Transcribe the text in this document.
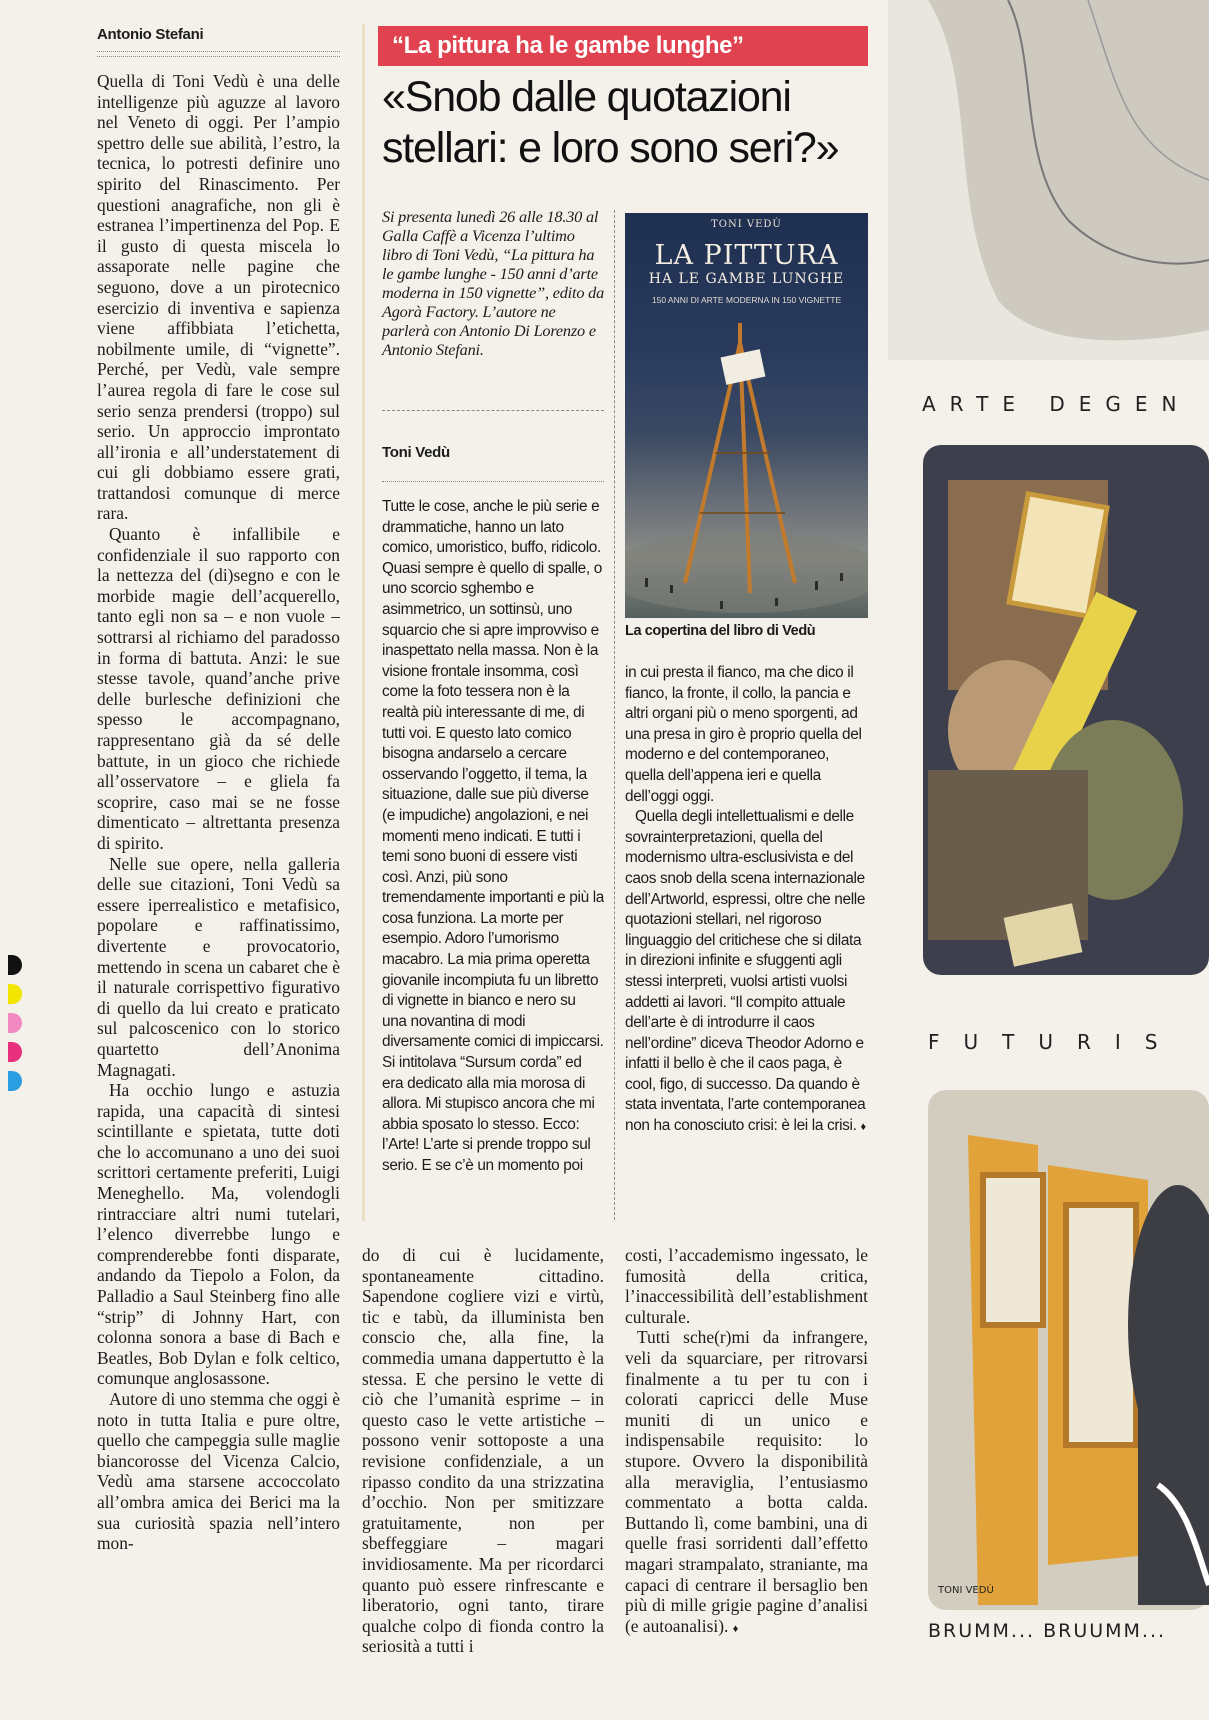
Antonio Stefani

Quella di Toni Vedù è una delle intelligenze più aguzze al lavoro nel Veneto di oggi. Per l’ampio spettro delle sue abilità, l’estro, la tecnica, lo potresti definire uno spirito del Rinascimento. Per questioni anagrafiche, non gli è estranea l’impertinenza del Pop. E il gusto di questa miscela lo assaporate nelle pagine che seguono, dove a un pirotecnico esercizio di inventiva e sapienza viene affibbiata l’etichetta, nobilmente umile, di “vignette”. Perché, per Vedù, vale sempre l’aurea regola di fare le cose sul serio senza prendersi (troppo) sul serio. Un approccio improntato all’ironia e all’understatement di cui gli dobbiamo essere grati, trattandosi comunque di merce rara.

Quanto è infallibile e confidenziale il suo rapporto con la nettezza del (di)segno e con le morbide magie dell’acquerello, tanto egli non sa – e non vuole – sottrarsi al richiamo del paradosso in forma di battuta. Anzi: le sue stesse tavole, quand’anche prive delle burlesche definizioni che spesso le accompagnano, rappresentano già da sé delle battute, in un gioco che richiede all’osservatore – e gliela fa scoprire, caso mai se ne fosse dimenticato – altrettanta presenza di spirito.

Nelle sue opere, nella galleria delle sue citazioni, Toni Vedù sa essere iperrealistico e metafisico, popolare e raffinatissimo, divertente e provocatorio, mettendo in scena un cabaret che è il naturale corrispettivo figurativo di quello da lui creato e praticato sul palcoscenico con lo storico quartetto dell’Anonima Magnagati.

Ha occhio lungo e astuzia rapida, una capacità di sintesi scintillante e spietata, tutte doti che lo accomunano a uno dei suoi scrittori certamente preferiti, Luigi Meneghello. Ma, volendogli rintracciare altri numi tutelari, l’elenco diverrebbe lungo e comprenderebbe fonti disparate, andando da Tiepolo a Folon, da Palladio a Saul Steinberg fino alle “strip” di Johnny Hart, con colonna sonora a base di Bach e Beatles, Bob Dylan e folk celtico, comunque anglosassone.

Autore di uno stemma che oggi è noto in tutta Italia e pure oltre, quello che campeggia sulle maglie biancorosse del Vicenza Calcio, Vedù ama starsene accoccolato all’ombra amica dei Berici ma la sua curiosità spazia nell’intero mon-

“La pittura ha le gambe lunghe”
«Snob dalle quotazioni stellari: e loro sono seri?»
Si presenta lunedì 26 alle 18.30 al Galla Caffè a Vicenza l’ultimo libro di Toni Vedù, “La pittura ha le gambe lunghe - 150 anni d’arte moderna in 150 vignette”, edito da Agorà Factory. L’autore ne parlerà con Antonio Di Lorenzo e Antonio Stefani.
Toni Vedù

Tutte le cose, anche le più serie e drammatiche, hanno un lato comico, umoristico, buffo, ridicolo. Quasi sempre è quello di spalle, o uno scorcio sghembo e asimmetrico, un sottinsù, uno squarcio che si apre improvviso e inaspettato nella massa. Non è la visione frontale insomma, così come la foto tessera non è la realtà più interessante di me, di tutti voi. E questo lato comico bisogna andarselo a cercare osservando l’oggetto, il tema, la situazione, dalle sue più diverse (e impudiche) angolazioni, e nei momenti meno indicati. E tutti i temi sono buoni di essere visti così. Anzi, più sono tremendamente importanti e più la cosa funziona. La morte per esempio. Adoro l’umorismo macabro. La mia prima operetta giovanile incompiuta fu un libretto di vignette in bianco e nero su una novantina di modi diversamente comici di impiccarsi. Si intitolava “Sursum corda” ed era dedicato alla mia morosa di allora. Mi stupisco ancora che mi abbia sposato lo stesso. Ecco: l’Arte! L’arte si prende troppo sul serio. E se c’è un momento poi

TONI VEDÙ
LA PITTURA
HA LE GAMBE LUNGHE
150 ANNI DI ARTE MODERNA IN 150 VIGNETTE
La copertina del libro di Vedù

in cui presta il fianco, ma che dico il fianco, la fronte, il collo, la pancia e altri organi più o meno sporgenti, ad una presa in giro è proprio quella del moderno e del contemporaneo, quella dell’appena ieri e quella dell’oggi oggi.

Quella degli intellettualismi e delle sovrainterpretazioni, quella del modernismo ultra-esclusivista e del caos snob della scena internazionale dell’Artworld, espressi, oltre che nelle quotazioni stellari, nel rigoroso linguaggio del critichese che si dilata in direzioni infinite e sfuggenti agli stessi interpreti, vuolsi artisti vuolsi addetti ai lavori. “Il compito attuale dell’arte è di introdurre il caos nell’ordine” diceva Theodor Adorno e infatti il bello è che il caos paga, è cool, figo, di successo. Da quando è stata inventata, l’arte contemporanea non ha conosciuto crisi: è lei la crisi. ♦

do di cui è lucidamente, spontaneamente cittadino. Sapendone cogliere vizi e virtù, tic e tabù, da illuminista ben conscio che, alla fine, la commedia umana dappertutto è la stessa. E che persino le vette di ciò che l’umanità esprime – in questo caso le vette artistiche – possono venir sottoposte a una revisione confidenziale, a un ripasso condito da una strizzatina d’occhio. Non per smitizzare gratuitamente, non per sbeffeggiare – magari invidiosamente. Ma per ricordarci quanto può essere rinfrescante e liberatorio, ogni tanto, tirare qualche colpo di fionda contro la seriosità a tutti i

costi, l’accademismo ingessato, le fumosità della critica, l’inaccessibilità dell’establishment culturale.

Tutti sche(r)mi da infrangere, veli da squarciare, per ritrovarsi finalmente a tu per tu con i colorati capricci delle Muse muniti di un unico e indispensabile requisito: lo stupore. Ovvero la disponibilità alla meraviglia, l’entusiasmo commentato a botta calda. Buttando lì, come bambini, una di quelle frasi sorridenti dall’effetto magari strampalato, straniante, ma capaci di centrare il bersaglio ben più di mille grigie pagine d’analisi (e autoanalisi). ♦

ARTE DEGEN
FUTURIS
TONI VEDÙ
BRUMM... BRUUMM...
